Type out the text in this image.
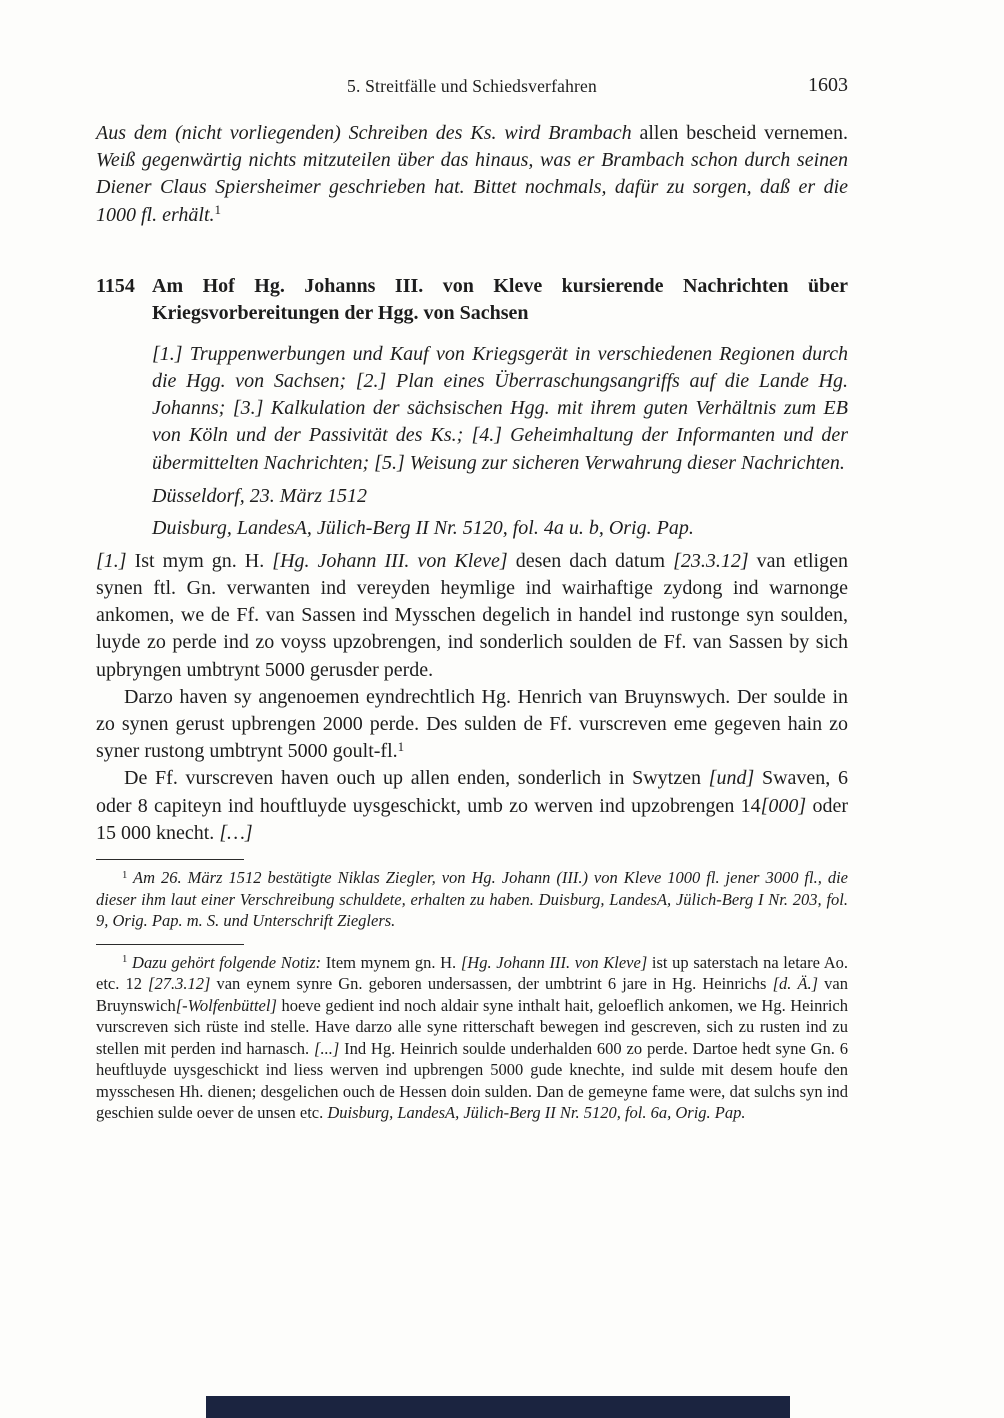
5. Streitfälle und Schiedsverfahren	1603

Aus dem (nicht vorliegenden) Schreiben des Ks. wird Brambach allen bescheid vernemen. Weiß gegenwärtig nichts mitzuteilen über das hinaus, was er Brambach schon durch seinen Diener Claus Spiersheimer geschrieben hat. Bittet nochmals, dafür zu sorgen, daß er die 1000 fl. erhält.$^1$

1154 Am Hof Hg. Johanns III. von Kleve kursierende Nachrichten über Kriegsvorbereitungen der Hgg. von Sachsen

[1.] Truppenwerbungen und Kauf von Kriegsgerät in verschiedenen Regionen durch die Hgg. von Sachsen; [2.] Plan eines Überraschungsangriffs auf die Lande Hg. Johanns; [3.] Kalkulation der sächsischen Hgg. mit ihrem guten Verhältnis zum EB von Köln und der Passivität des Ks.; [4.] Geheimhaltung der Informanten und der übermittelten Nachrichten; [5.] Weisung zur sicheren Verwahrung dieser Nachrichten.

Düsseldorf, 23. März 1512

Duisburg, LandesA, Jülich-Berg II Nr. 5120, fol. 4a u. b, Orig. Pap.

[1.] Ist mym gn. H. [Hg. Johann III. von Kleve] desen dach datum [23.3.12] van etligen synen ftl. Gn. verwanten ind vereyden heymlige ind wairhaftige zydong ind warnonge ankomen, we de Ff. van Sassen ind Mysschen degelich in handel ind rustonge syn soulden, luyde zo perde ind zo voyss upzobrengen, ind sonderlich soulden de Ff. van Sassen by sich upbryngen umbtrynt 5000 gerusder perde.

Darzo haven sy angenoemen eyndrechtlich Hg. Henrich van Bruynswych. Der soulde in zo synen gerust upbrengen 2000 perde. Des sulden de Ff. vurscreven eme gegeven hain zo syner rustong umbtrynt 5000 goult-fl.$^1$

De Ff. vurscreven haven ouch up allen enden, sonderlich in Swytzen [und] Swaven, 6 oder 8 capiteyn ind houftluyde uysgeschickt, umb zo werven ind upzobrengen 14[000] oder 15 000 knecht. […]

$^1$ Am 26. März 1512 bestätigte Niklas Ziegler, von Hg. Johann (III.) von Kleve 1000 fl. jener 3000 fl., die dieser ihm laut einer Verschreibung schuldete, erhalten zu haben. Duisburg, LandesA, Jülich-Berg I Nr. 203, fol. 9, Orig. Pap. m. S. und Unterschrift Zieglers.

$^1$ Dazu gehört folgende Notiz: Item mynem gn. H. [Hg. Johann III. von Kleve] ist up saterstach na letare Ao. etc. 12 [27.3.12] van eynem synre Gn. geboren undersassen, der umbtrint 6 jare in Hg. Heinrichs [d. Ä.] van Bruynswich[-Wolfenbüttel] hoeve gedient ind noch aldair syne inthalt hait, geloeflich ankomen, we Hg. Heinrich vurscreven sich rüste ind stelle. Have darzo alle syne ritterschaft bewegen ind gescreven, sich zu rusten ind zu stellen mit perden ind harnasch. [...] Ind Hg. Heinrich soulde underhalden 600 zo perde. Dartoe hedt syne Gn. 6 heuftluyde uysgeschickt ind liess werven ind upbrengen 5000 gude knechte, ind sulde mit desem houfe den mysschesen Hh. dienen; desgelichen ouch de Hessen doin sulden. Dan de gemeyne fame were, dat sulchs syn ind geschien sulde oever de unsen etc. Duisburg, LandesA, Jülich-Berg II Nr. 5120, fol. 6a, Orig. Pap.
